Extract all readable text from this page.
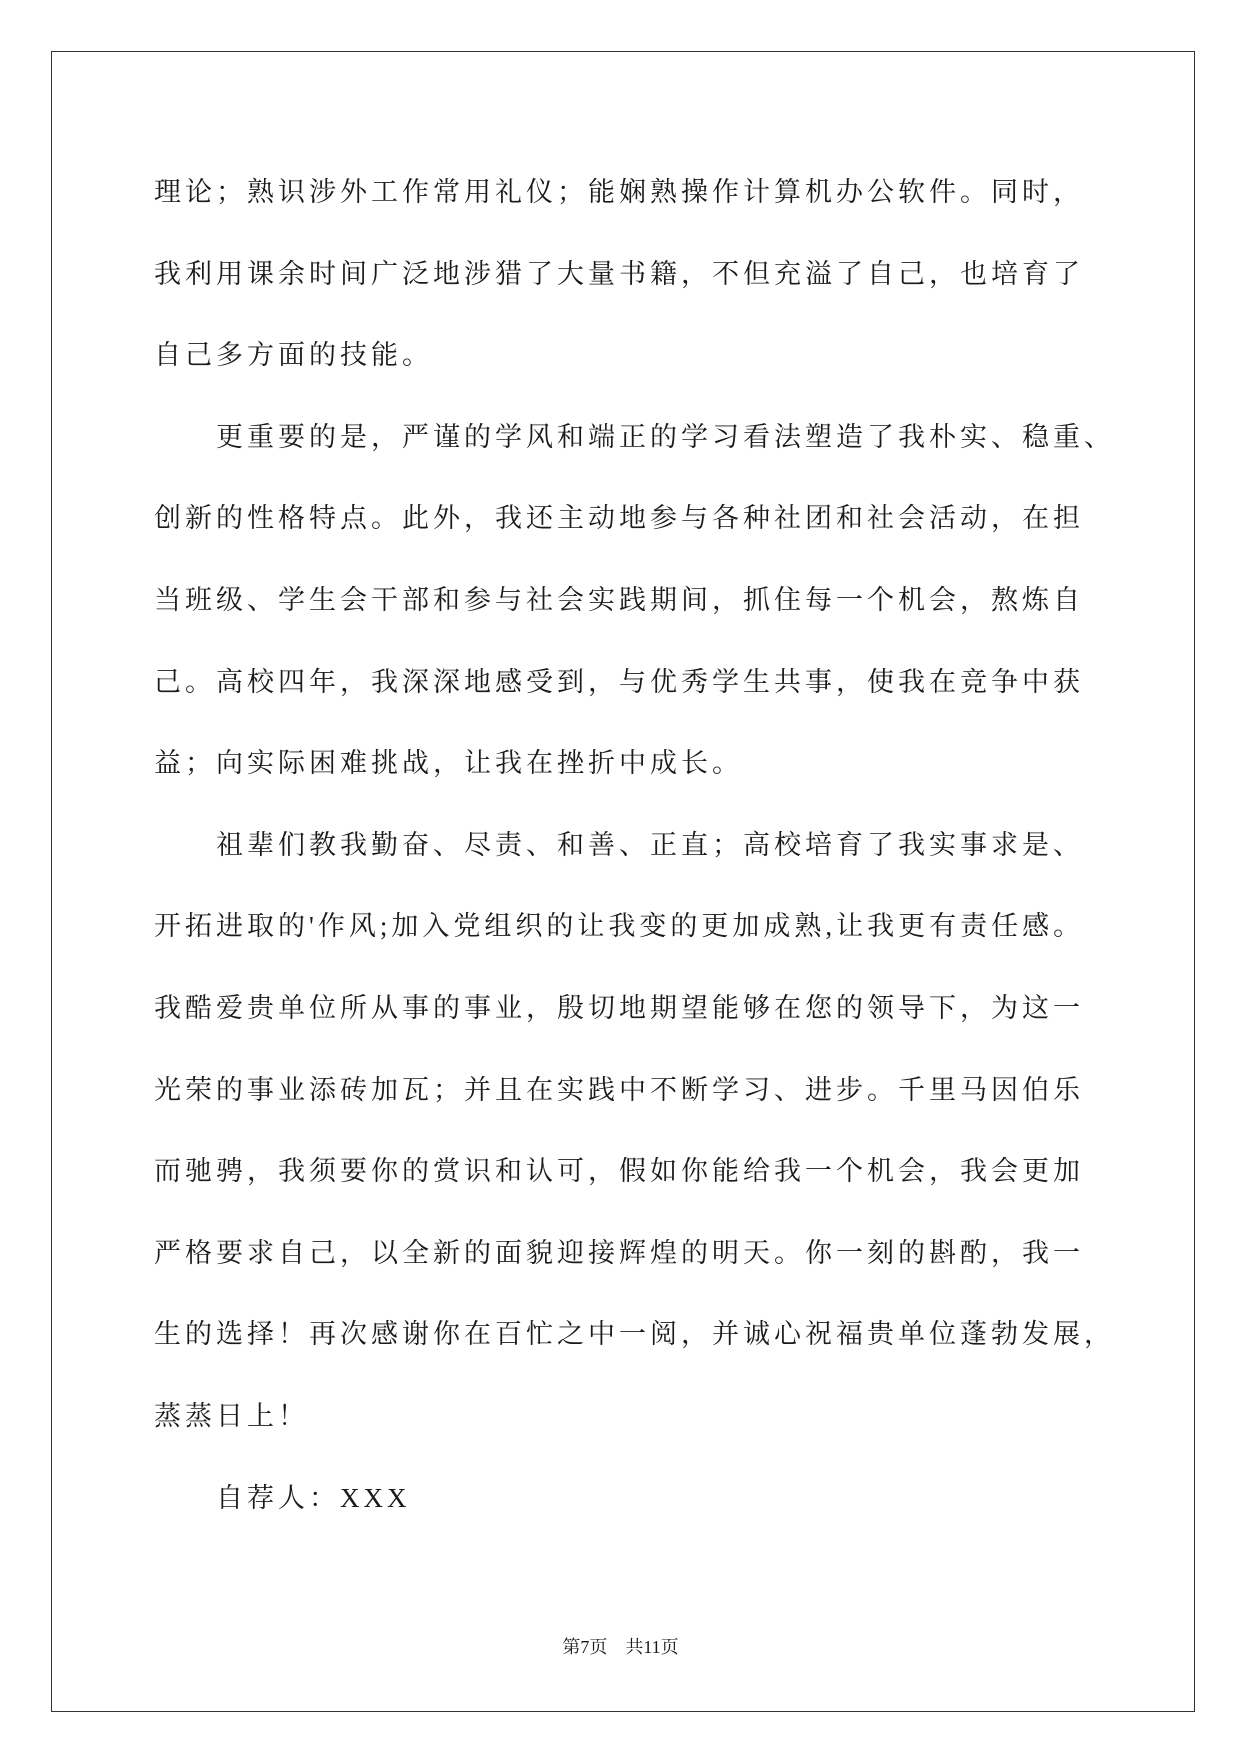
理论；熟识涉外工作常用礼仪；能娴熟操作计算机办公软件。同时，
我利用课余时间广泛地涉猎了大量书籍，不但充溢了自己，也培育了
自己多方面的技能。
更重要的是，严谨的学风和端正的学习看法塑造了我朴实、稳重、
创新的性格特点。此外，我还主动地参与各种社团和社会活动，在担
当班级、学生会干部和参与社会实践期间，抓住每一个机会，熬炼自
己。高校四年，我深深地感受到，与优秀学生共事，使我在竞争中获
益；向实际困难挑战，让我在挫折中成长。
祖辈们教我勤奋、尽责、和善、正直；高校培育了我实事求是、
开拓进取的'作风;加入党组织的让我变的更加成熟,让我更有责任感。
我酷爱贵单位所从事的事业，殷切地期望能够在您的领导下，为这一
光荣的事业添砖加瓦；并且在实践中不断学习、进步。千里马因伯乐
而驰骋，我须要你的赏识和认可，假如你能给我一个机会，我会更加
严格要求自己，以全新的面貌迎接辉煌的明天。你一刻的斟酌，我一
生的选择！再次感谢你在百忙之中一阅，并诚心祝福贵单位蓬勃发展，
蒸蒸日上！
自荐人：XXX
第7页　共11页
